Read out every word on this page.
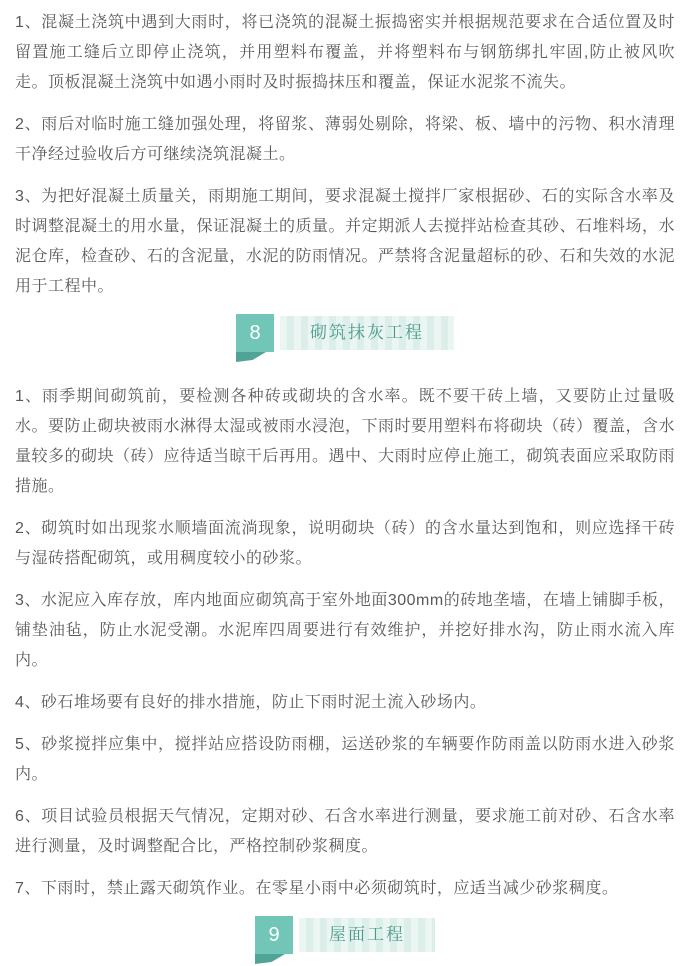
1、混凝土浇筑中遇到大雨时，将已浇筑的混凝土振捣密实并根据规范要求在合适位置及时留置施工缝后立即停止浇筑，并用塑料布覆盖，并将塑料布与钢筋绑扎牢固,防止被风吹走。顶板混凝土浇筑中如遇小雨时及时振捣抹压和覆盖，保证水泥浆不流失。

2、雨后对临时施工缝加强处理，将留浆、薄弱处剔除，将梁、板、墙中的污物、积水清理干净经过验收后方可继续浇筑混凝土。

3、为把好混凝土质量关，雨期施工期间，要求混凝土搅拌厂家根据砂、石的实际含水率及时调整混凝土的用水量，保证混凝土的质量。并定期派人去搅拌站检查其砂、石堆料场，水泥仓库，检查砂、石的含泥量，水泥的防雨情况。严禁将含泥量超标的砂、石和失效的水泥用于工程中。

8	砌筑抹灰工程

1、雨季期间砌筑前，要检测各种砖或砌块的含水率。既不要干砖上墙，又要防止过量吸水。要防止砌块被雨水淋得太湿或被雨水浸泡，下雨时要用塑料布将砌块（砖）覆盖，含水量较多的砌块（砖）应待适当晾干后再用。遇中、大雨时应停止施工，砌筑表面应采取防雨措施。

2、砌筑时如出现浆水顺墙面流淌现象，说明砌块（砖）的含水量达到饱和，则应选择干砖与湿砖搭配砌筑，或用稠度较小的砂浆。

3、水泥应入库存放，库内地面应砌筑高于室外地面300mm的砖地垄墙，在墙上铺脚手板，铺垫油毡，防止水泥受潮。水泥库四周要进行有效维护，并挖好排水沟，防止雨水流入库内。

4、砂石堆场要有良好的排水措施，防止下雨时泥土流入砂场内。

5、砂浆搅拌应集中，搅拌站应搭设防雨棚，运送砂浆的车辆要作防雨盖以防雨水进入砂浆内。

6、项目试验员根据天气情况，定期对砂、石含水率进行测量，要求施工前对砂、石含水率进行测量，及时调整配合比，严格控制砂浆稠度。

7、下雨时，禁止露天砌筑作业。在零星小雨中必须砌筑时，应适当减少砂浆稠度。

9	屋面工程
